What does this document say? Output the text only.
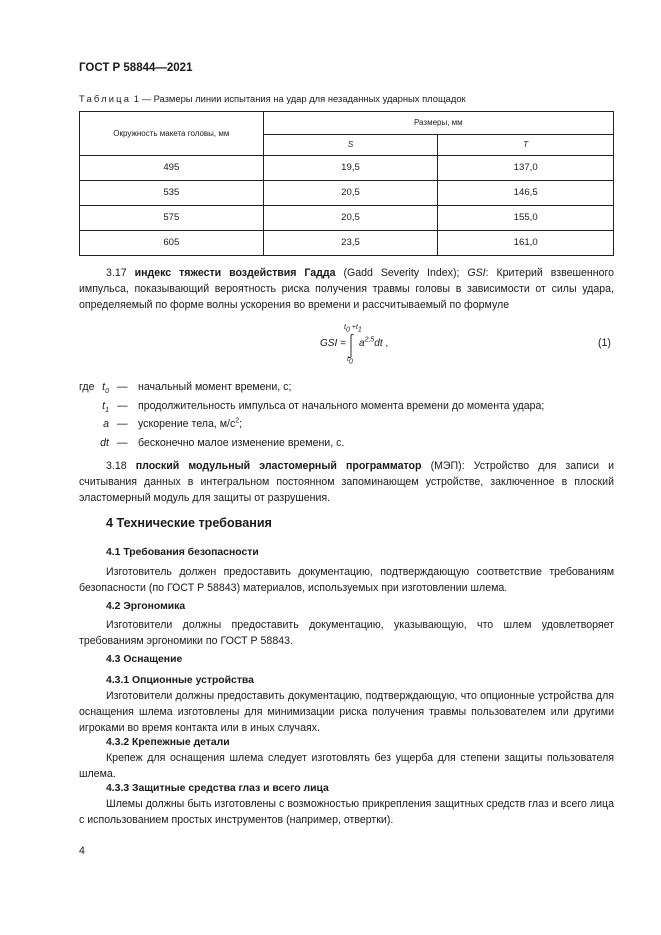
ГОСТ Р 58844—2021
Таблица 1 — Размеры линии испытания на удар для незаданных ударных площадок
Окружность макета головы, мм	Размеры, мм	
	S	T
495	19,5	137,0
535	20,5	146,5
575	20,5	155,0
605	23,5	161,0

3.17 индекс тяжести воздействия Гадда (Gadd Severity Index); GSI: Критерий взвешенного импульса, показывающий вероятность риска получения травмы головы в зависимости от силы удара, определяемый по форме волны ускорения во времени и рассчитываемый по формуле

GSI =
$t_0 +t_1$
$t_0$
$a^{2,5}dt$ ,	(1)
где $t_0$ — начальный момент времени, с;
$t_1$ — продолжительность импульса от начального момента времени до момента удара;
a — ускорение тела, $м/с^2$;
dt — бесконечно малое изменение времени, с.

3.18 плоский модульный эластомерный программатор (МЭП): Устройство для записи и считывания данных в интегральном постоянном запоминающем устройстве, заключенное в плоский эластомерный модуль для защиты от разрушения.

4 Технические требования
4.1 Требования безопасности

Изготовитель должен предоставить документацию, подтверждающую соответствие требованиям безопасности (по ГОСТ Р 58843) материалов, используемых при изготовлении шлема.

4.2 Эргономика

Изготовители должны предоставить документацию, указывающую, что шлем удовлетворяет требованиям эргономики по ГОСТ Р 58843.

4.3 Оснащение
4.3.1 Опционные устройства

Изготовители должны предоставить документацию, подтверждающую, что опционные устройства для оснащения шлема изготовлены для минимизации риска получения травмы пользователем или другими игроками во время контакта или в иных случаях.

4.3.2 Крепежные детали

Крепеж для оснащения шлема следует изготовлять без ущерба для степени защиты пользователя шлема.

4.3.3 Защитные средства глаз и всего лица

Шлемы должны быть изготовлены с возможностью прикрепления защитных средств глаз и всего лица с использованием простых инструментов (например, отвертки).

4
